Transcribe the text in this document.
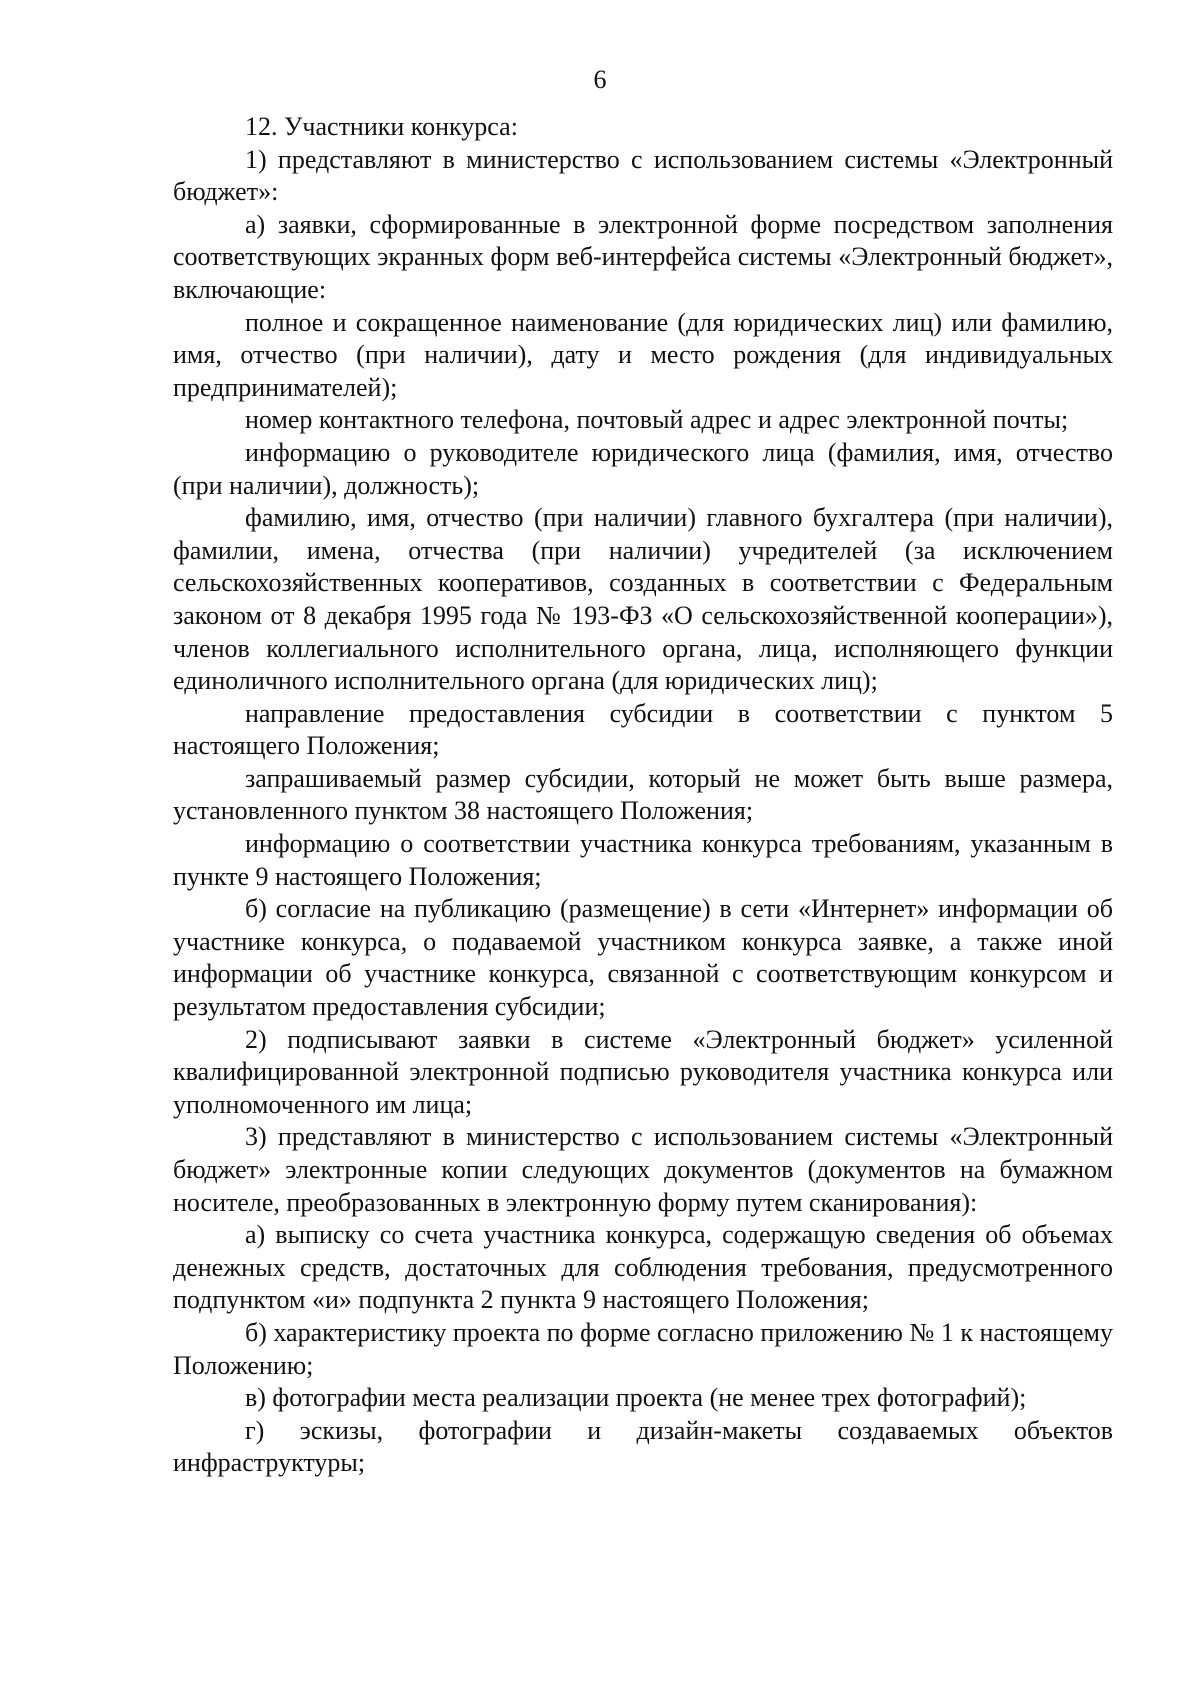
6

12. Участники конкурса:

1) представляют в министерство с использованием системы «Электронный бюджет»:

а) заявки, сформированные в электронной форме посредством заполнения соответствующих экранных форм веб-интерфейса системы «Электронный бюджет», включающие:

полное и сокращенное наименование (для юридических лиц) или фамилию, имя, отчество (при наличии), дату и место рождения (для индивидуальных предпринимателей);

номер контактного телефона, почтовый адрес и адрес электронной почты;

информацию о руководителе юридического лица (фамилия, имя, отчество (при наличии), должность);

фамилию, имя, отчество (при наличии) главного бухгалтера (при наличии), фамилии, имена, отчества (при наличии) учредителей (за исключением сельскохозяйственных кооперативов, созданных в соответствии с Федеральным законом от 8 декабря 1995 года № 193-ФЗ «О сельскохозяйственной кооперации»), членов коллегиального исполнительного органа, лица, исполняющего функции единоличного исполнительного органа (для юридических лиц);

направление предоставления субсидии в соответствии с пунктом 5 настоящего Положения;

запрашиваемый размер субсидии, который не может быть выше размера, установленного пунктом 38 настоящего Положения;

информацию о соответствии участника конкурса требованиям, указанным в пункте 9 настоящего Положения;

б) согласие на публикацию (размещение) в сети «Интернет» информации об участнике конкурса, о подаваемой участником конкурса заявке, а также иной информации об участнике конкурса, связанной с соответствующим конкурсом и результатом предоставления субсидии;

2) подписывают заявки в системе «Электронный бюджет» усиленной квалифицированной электронной подписью руководителя участника конкурса или уполномоченного им лица;

3) представляют в министерство с использованием системы «Электронный бюджет» электронные копии следующих документов (документов на бумажном носителе, преобразованных в электронную форму путем сканирования):

а) выписку со счета участника конкурса, содержащую сведения об объемах денежных средств, достаточных для соблюдения требования, предусмотренного подпунктом «и» подпункта 2 пункта 9 настоящего Положения;

б) характеристику проекта по форме согласно приложению № 1 к настоящему Положению;

в) фотографии места реализации проекта (не менее трех фотографий);

г) эскизы, фотографии и дизайн-макеты создаваемых объектов инфраструктуры;
